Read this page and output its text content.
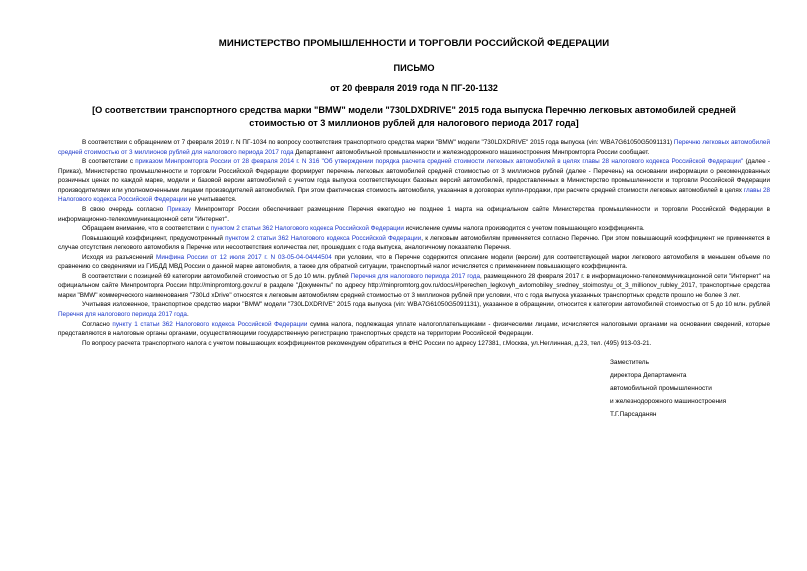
МИНИСТЕРСТВО ПРОМЫШЛЕННОСТИ И ТОРГОВЛИ РОССИЙСКОЙ ФЕДЕРАЦИИ
ПИСЬМО
от 20 февраля 2019 года N ПГ-20-1132
[О соответствии транспортного средства марки "BMW" модели "730LDXDRIVE" 2015 года выпуска Перечню легковых автомобилей средней стоимостью от 3 миллионов рублей для налогового периода 2017 года]

В соответствии с обращением от 7 февраля 2019 г. N ПГ-1034 по вопросу соответствия транспортного средства марки "BMW" модели "730LDXDRIVE" 2015 года выпуска (vin: WBA7G61050G5091131) Перечню легковых автомобилей средней стоимостью от 3 миллионов рублей для налогового периода 2017 года Департамент автомобильной промышленности и железнодорожного машиностроения Минпромторга России сообщает.

В соответствии с приказом Минпромторга России от 28 февраля 2014 г. N 316 "Об утверждении порядка расчета средней стоимости легковых автомобилей в целях главы 28 налогового кодекса Российской Федерации" (далее - Приказ), Министерство промышленности и торговли Российской Федерации формирует перечень легковых автомобилей средней стоимостью от 3 миллионов рублей (далее - Перечень) на основании информации о рекомендованных розничных ценах по каждой марке, модели и базовой версии автомобилей с учетом года выпуска соответствующих базовых версий автомобилей, предоставленных в Министерство промышленности и торговли Российской Федерации производителями или уполномоченными лицами производителей автомобилей. При этом фактическая стоимость автомобиля, указанная в договорах купли-продажи, при расчете средней стоимости легковых автомобилей в целях главы 28 Налогового кодекса Российской Федерации не учитывается.

В свою очередь согласно Приказу Минпромторг России обеспечивает размещение Перечня ежегодно не позднее 1 марта на официальном сайте Министерства промышленности и торговли Российской Федерации в информационно-телекоммуникационной сети "Интернет".

Обращаем внимание, что в соответствии с пунктом 2 статьи 362 Налогового кодекса Российской Федерации исчисление суммы налога производится с учетом повышающего коэффициента.

Повышающий коэффициент, предусмотренный пунктом 2 статьи 362 Налогового кодекса Российской Федерации, к легковым автомобилям применяется согласно Перечню. При этом повышающий коэффициент не применяется в случае отсутствия легкового автомобиля в Перечне или несоответствия количества лет, прошедших с года выпуска, аналогичному показателю Перечня.

Исходя из разъяснений Минфина России от 12 июля 2017 г. N 03-05-04-04/44504 при условии, что в Перечне содержится описание модели (версии) для соответствующей марки легкового автомобиля в меньшем объеме по сравнению со сведениями из ГИБДД МВД России о данной марке автомобиля, а также для обратной ситуации, транспортный налог исчисляется с применением повышающего коэффициента.

В соответствии с позицией 69 категории автомобилей стоимостью от 5 до 10 млн. рублей Перечня для налогового периода 2017 года, размещенного 28 февраля 2017 г. в информационно-телекоммуникационной сети "Интернет" на официальном сайте Минпромторга России http://minpromtorg.gov.ru/ в разделе "Документы" по адресу http://minpromtorg.gov.ru/docs/#!perechen_legkovyh_avtomobiley_sredney_stoimostyu_ot_3_millionov_rubley_2017, транспортные средства марки "BMW" коммерческого наименования "730Ld xDrive" относятся к легковым автомобилям средней стоимостью от 3 миллионов рублей при условии, что с года выпуска указанных транспортных средств прошло не более 3 лет.

Учитывая изложенное, транспортное средство марки "BMW" модели "730LDXDRIVE" 2015 года выпуска (vin: WBA7G61050G5091131), указанное в обращении, относится к категории автомобилей стоимостью от 5 до 10 млн. рублей Перечня для налогового периода 2017 года.

Согласно пункту 1 статьи 362 Налогового кодекса Российской Федерации сумма налога, подлежащая уплате налогоплательщиками - физическими лицами, исчисляется налоговыми органами на основании сведений, которые представляются в налоговые органы органами, осуществляющими государственную регистрацию транспортных средств на территории Российской Федерации.

По вопросу расчета транспортного налога с учетом повышающих коэффициентов рекомендуем обратиться в ФНС России по адресу 127381, г.Москва, ул.Неглинная, д.23, тел. (495) 913-03-21.

Заместитель
директора Департамента
автомобильной промышленности
и железнодорожного машиностроения
Т.Г.Парсаданян
